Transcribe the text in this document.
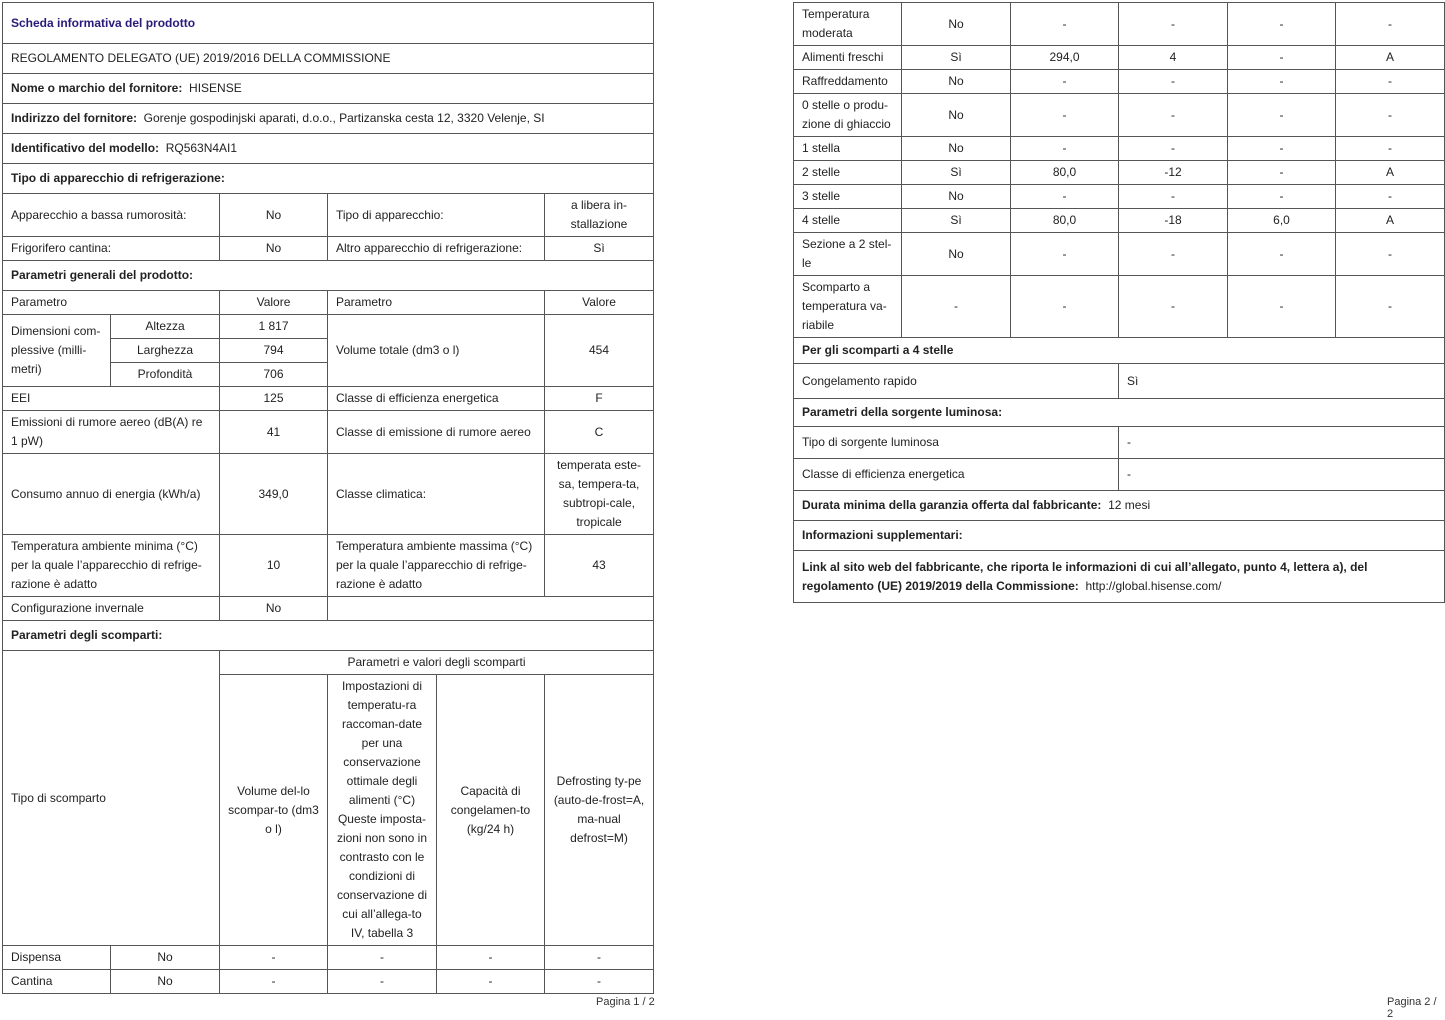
Scheda informativa del prodotto				
REGOLAMENTO DELEGATO (UE) 2019/2016 DELLA COMMISSIONE				
Nome o marchio del fornitore: HISENSE				
Indirizzo del fornitore: Gorenje gospodinjski aparati, d.o.o., Partizanska cesta 12, 3320 Velenje, SI				
Identificativo del modello: RQ563N4AI1				
Tipo di apparecchio di refrigerazione:				
Apparecchio a bassa rumorosità:		No	Tipo di apparecchio:	a libera in-stallazione
Frigorifero cantina:		No	Altro apparecchio di refrigerazione:	Sì
Parametri generali del prodotto:				
Parametro		Valore	Parametro	Valore
Dimensioni com-plessive (milli-metri)	Altezza	1 817	Volume totale (dm3 o l)	454
	Larghezza	794		
	Profondità	706		
EEI		125	Classe di efficienza energetica	F
Emissioni di rumore aereo (dB(A) re 1 pW)		41	Classe di emissione di rumore aereo	C
Consumo annuo di energia (kWh/a)		349,0	Classe climatica:	temperata este-sa, tempera-ta, subtropi-cale, tropicale
Temperatura ambiente minima (°C) per la quale l’apparecchio di refrige-razione è adatto		10	Temperatura ambiente massima (°C) per la quale l’apparecchio di refrige-razione è adatto	43
Configurazione invernale		No		
Parametri degli scomparti:				
Tipo di scomparto		Parametri e valori degli scomparti			
		Volume del-lo scompar-to (dm3 o l)	Impostazioni di temperatu-ra raccoman-date per una conservazione ottimale degli alimenti (°C) Queste imposta-zioni non sono in contrasto con le condizioni di conservazione di cui all’allega-to IV, tabella 3	Capacità di congelamen-to (kg/24 h)	Defrosting ty-pe (auto-de-frost=A, ma-nual defrost=M)
Dispensa	No	-	-	-	-
Cantina	No	-	-	-	-
Temperatura moderata	No	-	-	-	-
Alimenti freschi	Sì	294,0	4	-	A
Raffreddamento	No	-	-	-	-
0 stelle o produ-zione di ghiaccio	No	-	-	-	-
1 stella	No	-	-	-	-
2 stelle	Sì	80,0	-12	-	A
3 stelle	No	-	-	-	-
4 stelle	Sì	80,0	-18	6,0	A
Sezione a 2 stel-le	No	-	-	-	-
Scomparto a temperatura va-riabile	-	-	-	-	-
Per gli scomparti a 4 stelle	
Congelamento rapido	Sì
Parametri della sorgente luminosa:	
Tipo di sorgente luminosa	-
Classe di efficienza energetica	-
Durata minima della garanzia offerta dal fabbricante: 12 mesi	
Informazioni supplementari:	
Link al sito web del fabbricante, che riporta le informazioni di cui all’allegato, punto 4, lettera a), del regolamento (UE) 2019/2019 della Commissione: http://global.hisense.com/	
Pagina 1 / 2	Pagina 2 / 2
